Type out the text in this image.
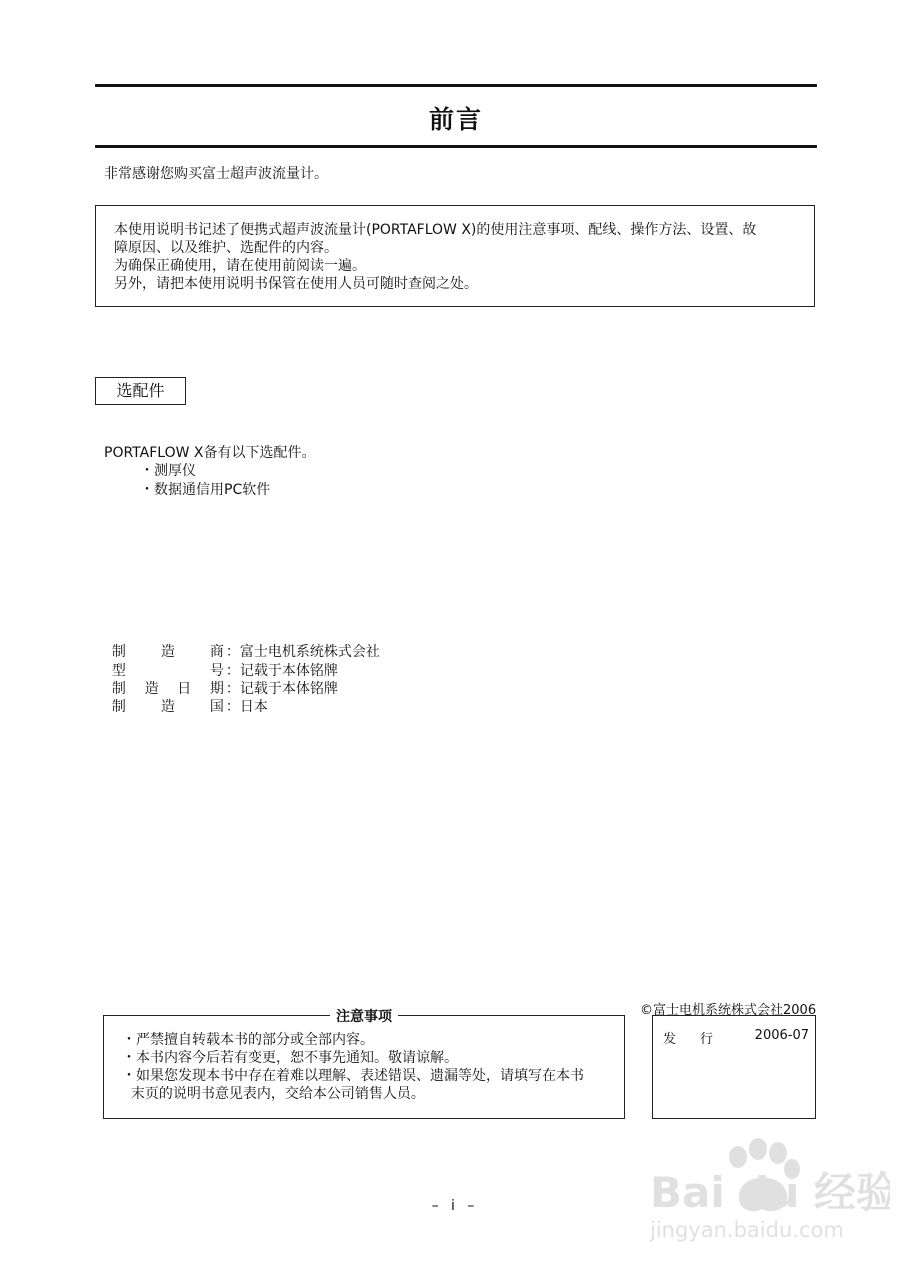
前言
非常感谢您购买富士超声波流量计。
本使用说明书记述了便携式超声波流量计(PORTAFLOW X)的使用注意事项、配线、操作方法、设置、故
障原因、以及维护、选配件的内容。
为确保正确使用，请在使用前阅读一遍。
另外，请把本使用说明书保管在使用人员可随时查阅之处。
选配件
PORTAFLOW X备有以下选配件。
・测厚仪
・数据通信用PC软件

制造商 ：富士电机系统株式会社

型号 ：记载于本体铭牌

制造日期 ：记载于本体铭牌

制造国 ：日本

©富士电机系统株式会社2006
注意事项
・严禁擅自转载本书的部分或全部内容。
・本书内容今后若有变更，恕不事先通知。敬请谅解。
・如果您发现本书中存在着难以理解、表述错误、遗漏等处，请填写在本书
末页的说明书意见表内，交给本公司销售人员。
发行 2006-07
– i –	Bai du 经验
jingyan.baidu.com
